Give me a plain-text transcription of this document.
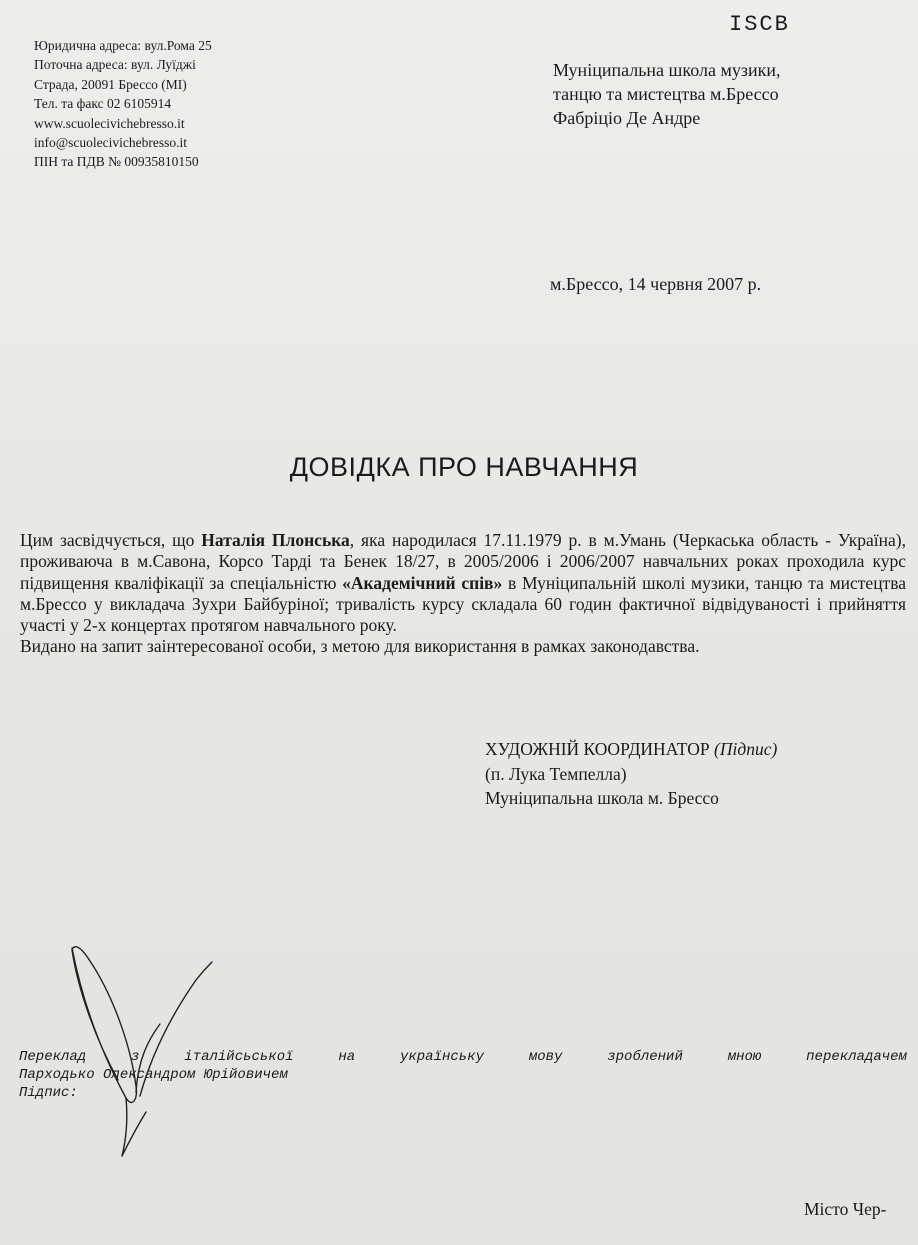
ISCB
Юридична адреса: вул.Рома 25
Поточна адреса: вул. Луїджі
Страда, 20091 Брессо (MI)
Тел. та факс 02 6105914
www.scuolecivichebresso.it
info@scuolecivichebresso.it
ПІН та ПДВ № 00935810150
Муніципальна школа музики,
танцю та мистецтва м.Брессо
Фабріціо Де Андре
м.Брессо, 14 червня 2007 р.
ДОВІДКА ПРО НАВЧАННЯ
Цим засвідчується, що Наталія Плонська, яка народилася 17.11.1979 р. в м.Умань (Черкаська область - Україна), проживаюча в м.Савона, Корсо Тарді та Бенек 18/27, в 2005/2006 і 2006/2007 навчальних роках проходила курс підвищення кваліфікації за спеціальністю «Академічний спів» в Муніципальній школі музики, танцю та мистецтва м.Брессо у викладача Зухри Байбуріної; тривалість курсу складала 60 годин фактичної відвідуваності і прийняття участі у 2-х концертах протягом навчального року.
Видано на запит заінтересованої особи, з метою для використання в рамках законодавства.
ХУДОЖНІЙ КООРДИНАТОР (Підпис)
(п. Лука Темпелла)
Муніципальна школа м. Брессо
Переклад	з	італійсьської	на	українську	мову	зроблений	мною	перекладачем
Парходько Олександром Юрійовичем
Підпис:
Місто Чер-
